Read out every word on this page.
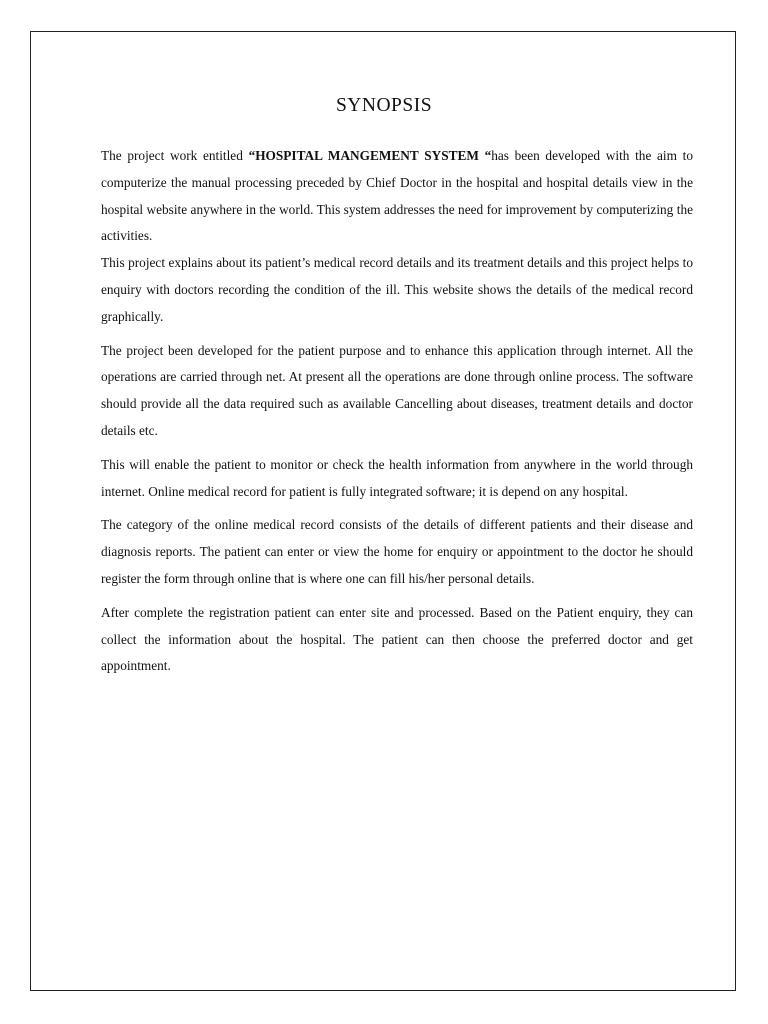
SYNOPSIS

The project work entitled “HOSPITAL MANGEMENT SYSTEM “has been developed with the aim to computerize the manual processing preceded by Chief Doctor in the hospital and hospital details view in the hospital website anywhere in the world. This system addresses the need for improvement by computerizing the activities.

This project explains about its patient’s medical record details and its treatment details and this project helps to enquiry with doctors recording the condition of the ill. This website shows the details of the medical record graphically.

The project been developed for the patient purpose and to enhance this application through internet. All the operations are carried through net. At present all the operations are done through online process. The software should provide all the data required such as available Cancelling about diseases, treatment details and doctor details etc.

This will enable the patient to monitor or check the health information from anywhere in the world through internet. Online medical record for patient is fully integrated software; it is depend on any hospital.

The category of the online medical record consists of the details of different patients and their disease and diagnosis reports. The patient can enter or view the home for enquiry or appointment to the doctor he should register the form through online that is where one can fill his/her personal details.

After complete the registration patient can enter site and processed. Based on the Patient enquiry, they can collect the information about the hospital. The patient can then choose the preferred doctor and get appointment.
